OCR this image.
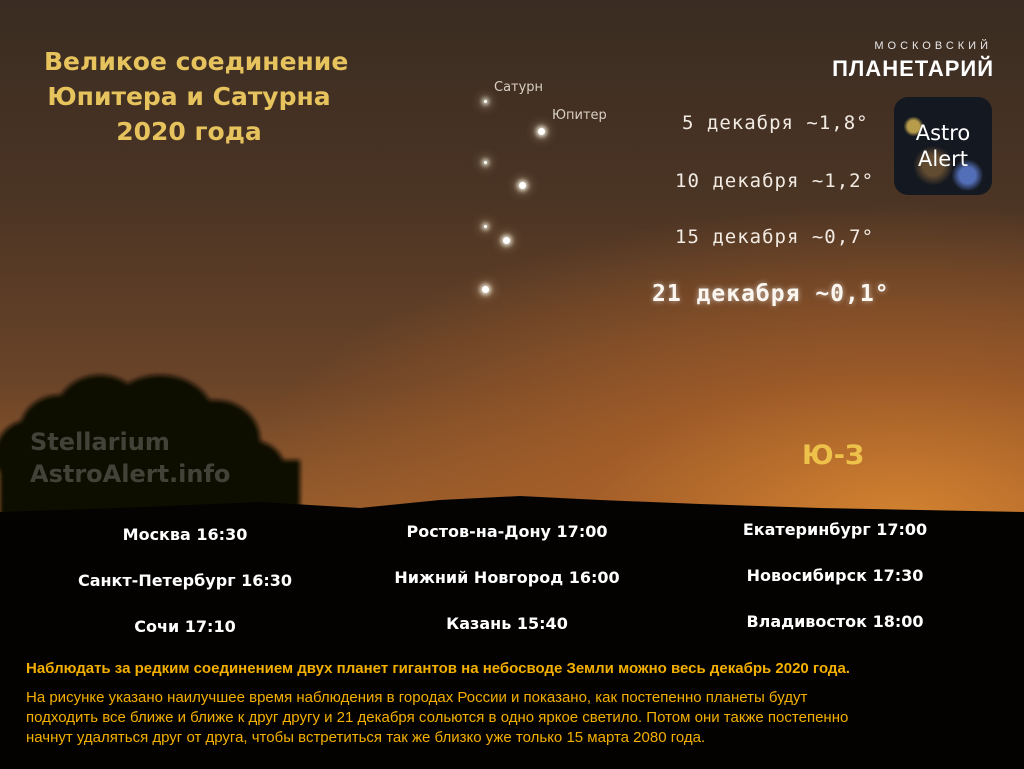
Великое соединение
Юпитера и Сатурна
2020 года
Сатурн
Юпитер	5 декабря ~1,8°
10 декабря ~1,2°
15 декабря ~0,7°
21 декабря ~0,1°
МОСКОВСКИЙ
ПЛАНЕТАРИЙ
Astro
Alert
Stellarium
AstroAlert.info
Ю-З
Москва 16:30	Ростов-на-Дону 17:00	Екатеринбург 17:00
Санкт-Петербург 16:30	Нижний Новгород 16:00	Новосибирск 17:30
Сочи 17:10	Казань 15:40	Владивосток 18:00
Наблюдать за редким соединением двух планет гигантов на небосводе Земли можно весь декабрь 2020 года.
На рисунке указано наилучшее время наблюдения в городах России и показано, как постепенно планеты будут
подходить все ближе и ближе к друг другу и 21 декабря сольются в одно яркое светило. Потом они также постепенно
начнут удаляться друг от друга, чтобы встретиться так же близко уже только 15 марта 2080 года.
